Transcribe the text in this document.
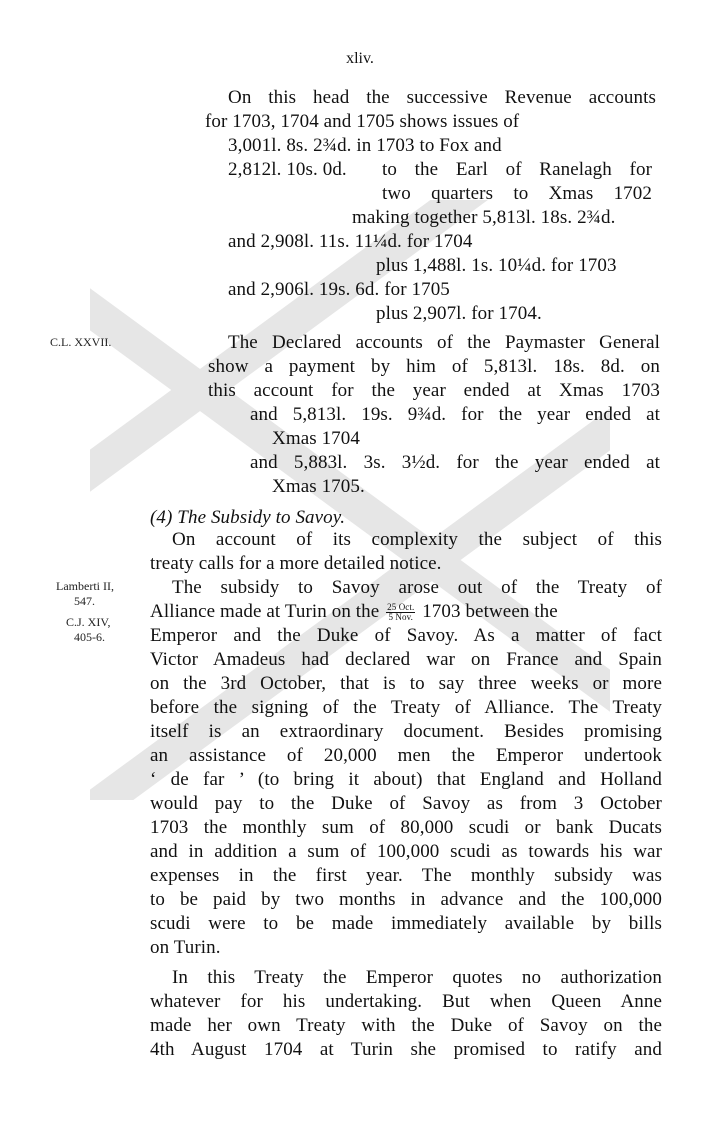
xliv.
On this head the successive Revenue accounts
for 1703, 1704 and 1705 shows issues of
3,001l. 8s. 2¾d. in 1703 to Fox and
2,812l. 10s. 0d. to the Earl of Ranelagh for
two quarters to Xmas 1702
making together 5,813l. 18s. 2¾d.
and 2,908l. 11s. 11¼d. for 1704
plus 1,488l. 1s. 10¼d. for 1703
and 2,906l. 19s. 6d. for 1705
plus 2,907l. for 1704.
C.L. XXVII.	The Declared accounts of the Paymaster General
show a payment by him of 5,813l. 18s. 8d. on
this account for the year ended at Xmas 1703
and 5,813l. 19s. 9¾d. for the year ended at
Xmas 1704
and 5,883l. 3s. 3½d. for the year ended at
Xmas 1705.
(4) The Subsidy to Savoy.
On account of its complexity the subject of this
treaty calls for a more detailed notice.
Lamberti II,
547.
C.J. XIV,
405-6.
The subsidy to Savoy arose out of the Treaty of
Alliance made at Turin on the $\frac{\text{25 Oct.}}{\text{5 Nov.}} 1703$ between the
Emperor and the Duke of Savoy. As a matter of fact
Victor Amadeus had declared war on France and Spain
on the 3rd October, that is to say three weeks or more
before the signing of the Treaty of Alliance. The Treaty
itself is an extraordinary document. Besides promising
an assistance of 20,000 men the Emperor undertook
‘ de far ’ (to bring it about) that England and Holland
would pay to the Duke of Savoy as from 3 October
1703 the monthly sum of 80,000 scudi or bank Ducats
and in addition a sum of 100,000 scudi as towards his war
expenses in the first year. The monthly subsidy was
to be paid by two months in advance and the 100,000
scudi were to be made immediately available by bills
on Turin.
In this Treaty the Emperor quotes no authorization
whatever for his undertaking. But when Queen Anne
made her own Treaty with the Duke of Savoy on the
4th August 1704 at Turin she promised to ratify and
